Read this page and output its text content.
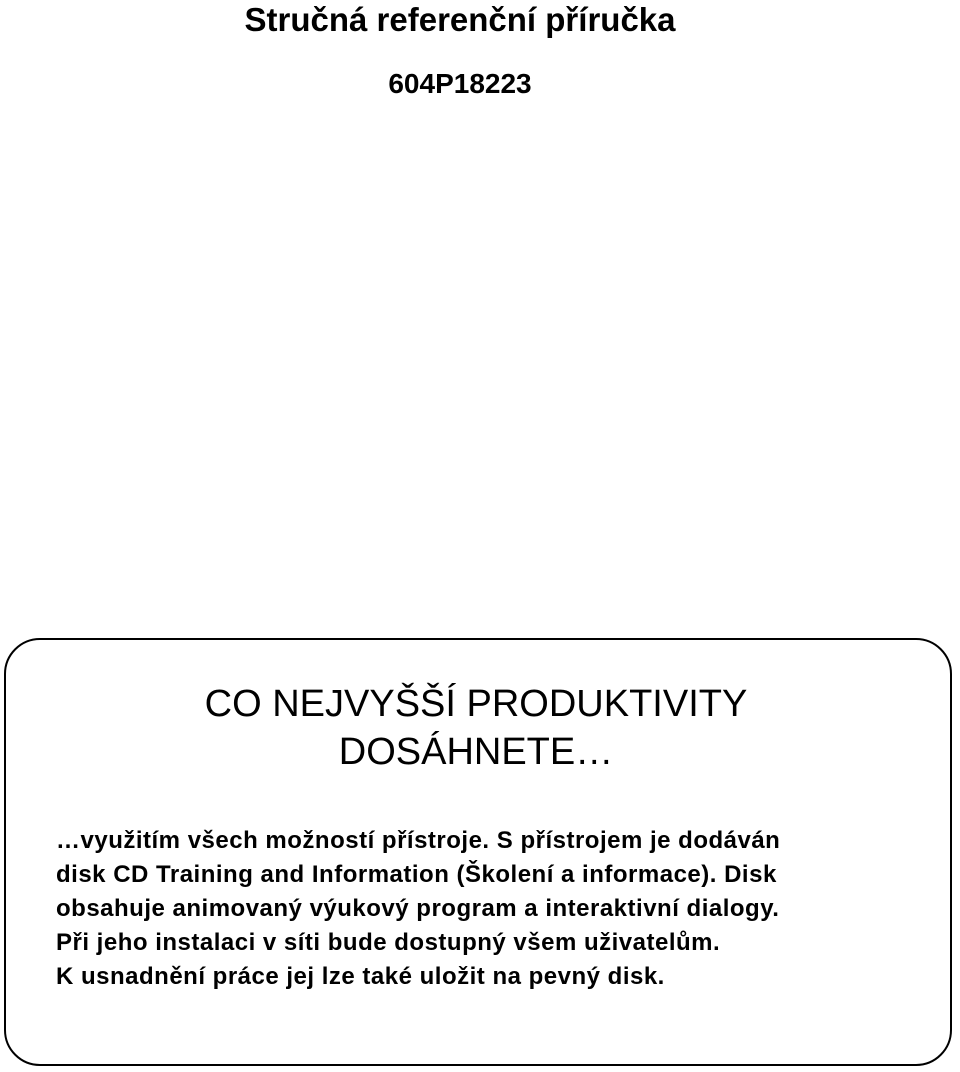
Stručná referenční příručka
604P18223
CO NEJVYŠŠÍ PRODUKTIVITY
DOSÁHNETE…
…využitím všech možností přístroje. S přístrojem je dodáván
disk CD Training and Information (Školení a informace). Disk
obsahuje animovaný výukový program a interaktivní dialogy.
Při jeho instalaci v síti bude dostupný všem uživatelům.
K usnadnění práce jej lze také uložit na pevný disk.
